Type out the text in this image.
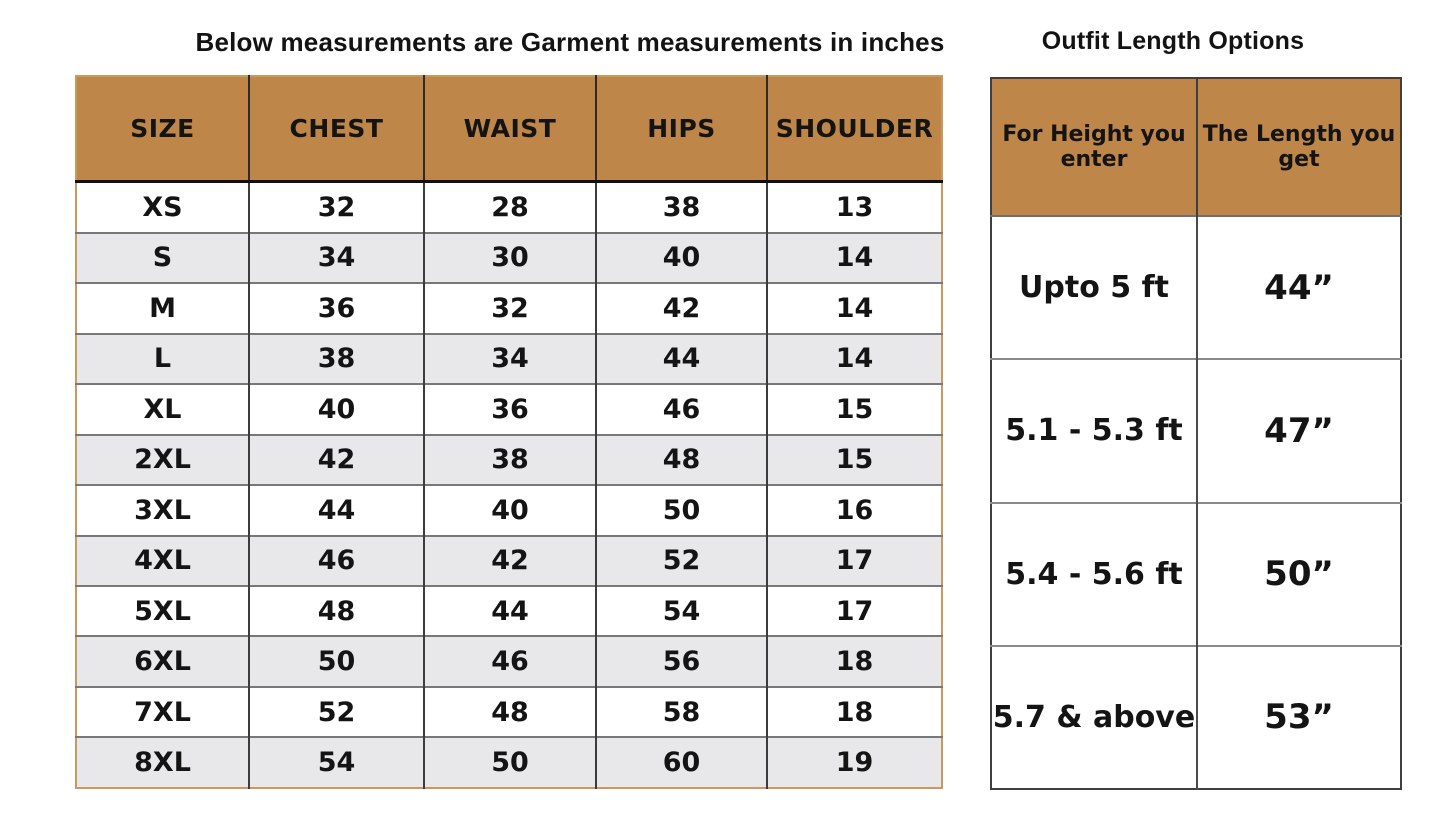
Below measurements are Garment measurements in inches	Outfit Length Options
SIZE	CHEST	WAIST	HIPS	SHOULDER
XS	32	28	38	13
S	34	30	40	14
M	36	32	42	14
L	38	34	44	14
XL	40	36	46	15
2XL	42	38	48	15
3XL	44	40	50	16
4XL	46	42	52	17
5XL	48	44	54	17
6XL	50	46	56	18
7XL	52	48	58	18
8XL	54	50	60	19
For Height you enter	The Length you get
Upto 5 ft	44”
5.1 - 5.3 ft	47”
5.4 - 5.6 ft	50”
5.7 & above	53”
